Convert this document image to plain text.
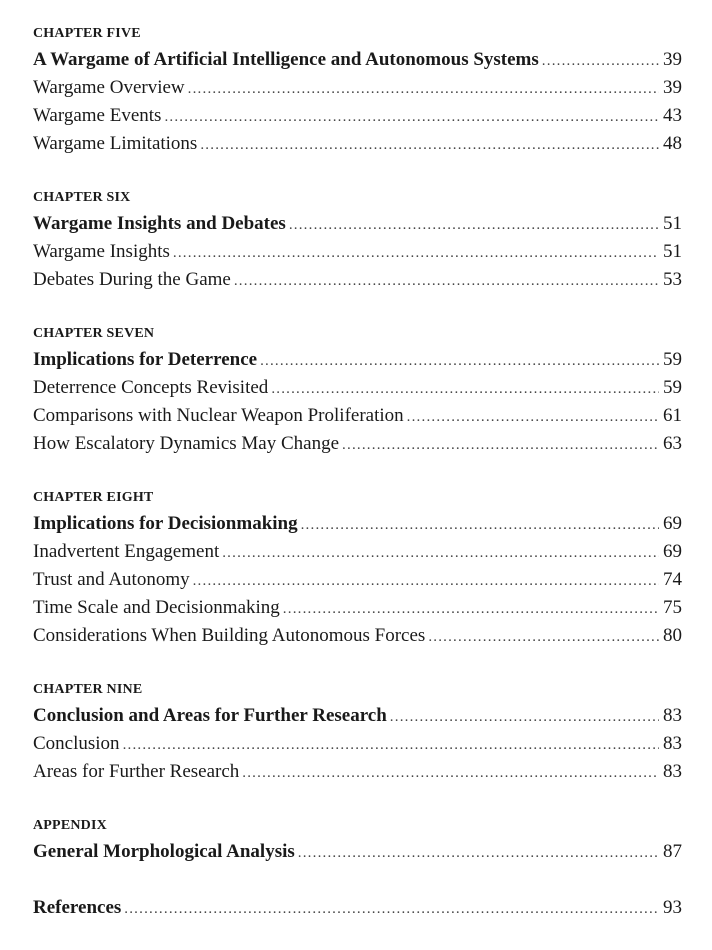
CHAPTER FIVE
A Wargame of Artificial Intelligence and Autonomous Systems .....	39
Wargame Overview .....	39
Wargame Events .....	43
Wargame Limitations .....	48
CHAPTER SIX
Wargame Insights and Debates .....	51
Wargame Insights .....	51
Debates During the Game .....	53
CHAPTER SEVEN
Implications for Deterrence .....	59
Deterrence Concepts Revisited .....	59
Comparisons with Nuclear Weapon Proliferation .....	61
How Escalatory Dynamics May Change .....	63
CHAPTER EIGHT
Implications for Decisionmaking .....	69
Inadvertent Engagement .....	69
Trust and Autonomy .....	74
Time Scale and Decisionmaking .....	75
Considerations When Building Autonomous Forces .....	80
CHAPTER NINE
Conclusion and Areas for Further Research .....	83
Conclusion .....	83
Areas for Further Research .....	83
APPENDIX
General Morphological Analysis .....	87
References .....	93
